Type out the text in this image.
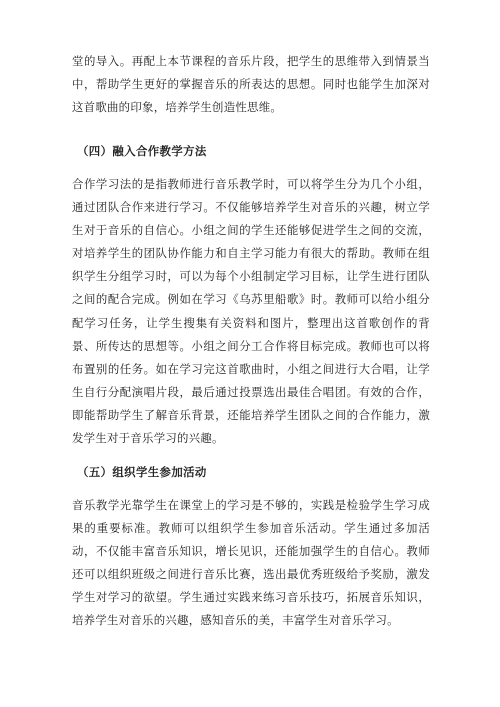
堂的导入。再配上本节课程的音乐片段，把学生的思维带入到情景当中，帮助学生更好的掌握音乐的所表达的思想。同时也能学生加深对这首歌曲的印象，培养学生创造性思维。

（四）融入合作教学方法

合作学习法的是指教师进行音乐教学时，可以将学生分为几个小组，通过团队合作来进行学习。不仅能够培养学生对音乐的兴趣，树立学生对于音乐的自信心。小组之间的学生还能够促进学生之间的交流，对培养学生的团队协作能力和自主学习能力有很大的帮助。教师在组织学生分组学习时，可以为每个小组制定学习目标，让学生进行团队之间的配合完成。例如在学习《乌苏里船歌》时。教师可以给小组分配学习任务，让学生搜集有关资料和图片，整理出这首歌创作的背景、所传达的思想等。小组之间分工合作将目标完成。教师也可以将布置别的任务。如在学习完这首歌曲时，小组之间进行大合唱，让学生自行分配演唱片段，最后通过投票选出最佳合唱团。有效的合作，即能帮助学生了解音乐背景，还能培养学生团队之间的合作能力，激发学生对于音乐学习的兴趣。

（五）组织学生参加活动

音乐教学光靠学生在课堂上的学习是不够的，实践是检验学生学习成果的重要标准。教师可以组织学生参加音乐活动。学生通过多加活动，不仅能丰富音乐知识，增长见识，还能加强学生的自信心。教师还可以组织班级之间进行音乐比赛，选出最优秀班级给予奖励，激发学生对学习的欲望。学生通过实践来练习音乐技巧，拓展音乐知识，培养学生对音乐的兴趣，感知音乐的美，丰富学生对音乐学习。
